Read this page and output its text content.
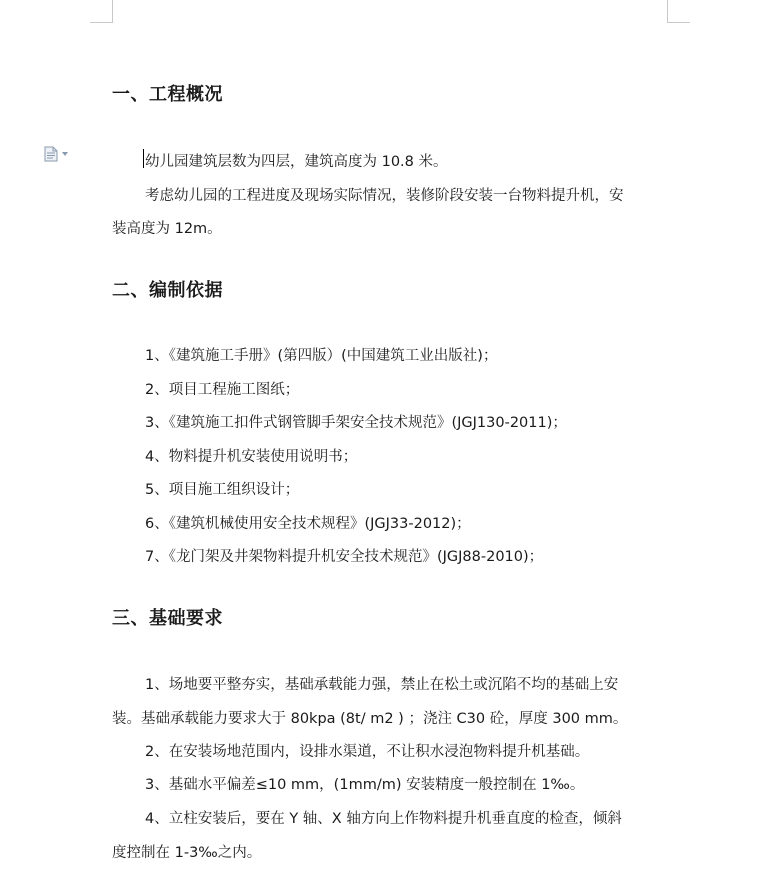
一、工程概况
幼儿园建筑层数为四层，建筑高度为 10.8 米。
考虑幼儿园的工程进度及现场实际情况，装修阶段安装一台物料提升机，安
装高度为 12m。
二、编制依据
1、《建筑施工手册》(第四版）(中国建筑工业出版社)；
2、项目工程施工图纸；
3、《建筑施工扣件式钢管脚手架安全技术规范》(JGJ130-2011)；
4、物料提升机安装使用说明书；
5、项目施工组织设计；
6、《建筑机械使用安全技术规程》(JGJ33-2012)；
7、《龙门架及井架物料提升机安全技术规范》(JGJ88-2010)；
三、基础要求
1、场地要平整夯实，基础承载能力强，禁止在松土或沉陷不均的基础上安
装。基础承载能力要求大于 80kpa (8t/ m2 ) ；浇注 C30 砼，厚度 300 mm。
2、在安装场地范围内，设排水渠道，不让积水浸泡物料提升机基础。
3、基础水平偏差≤10 mm，(1mm/m) 安装精度一般控制在 1‰。
4、立柱安装后，要在 Y 轴、X 轴方向上作物料提升机垂直度的检查，倾斜
度控制在 1-3‰之内。
